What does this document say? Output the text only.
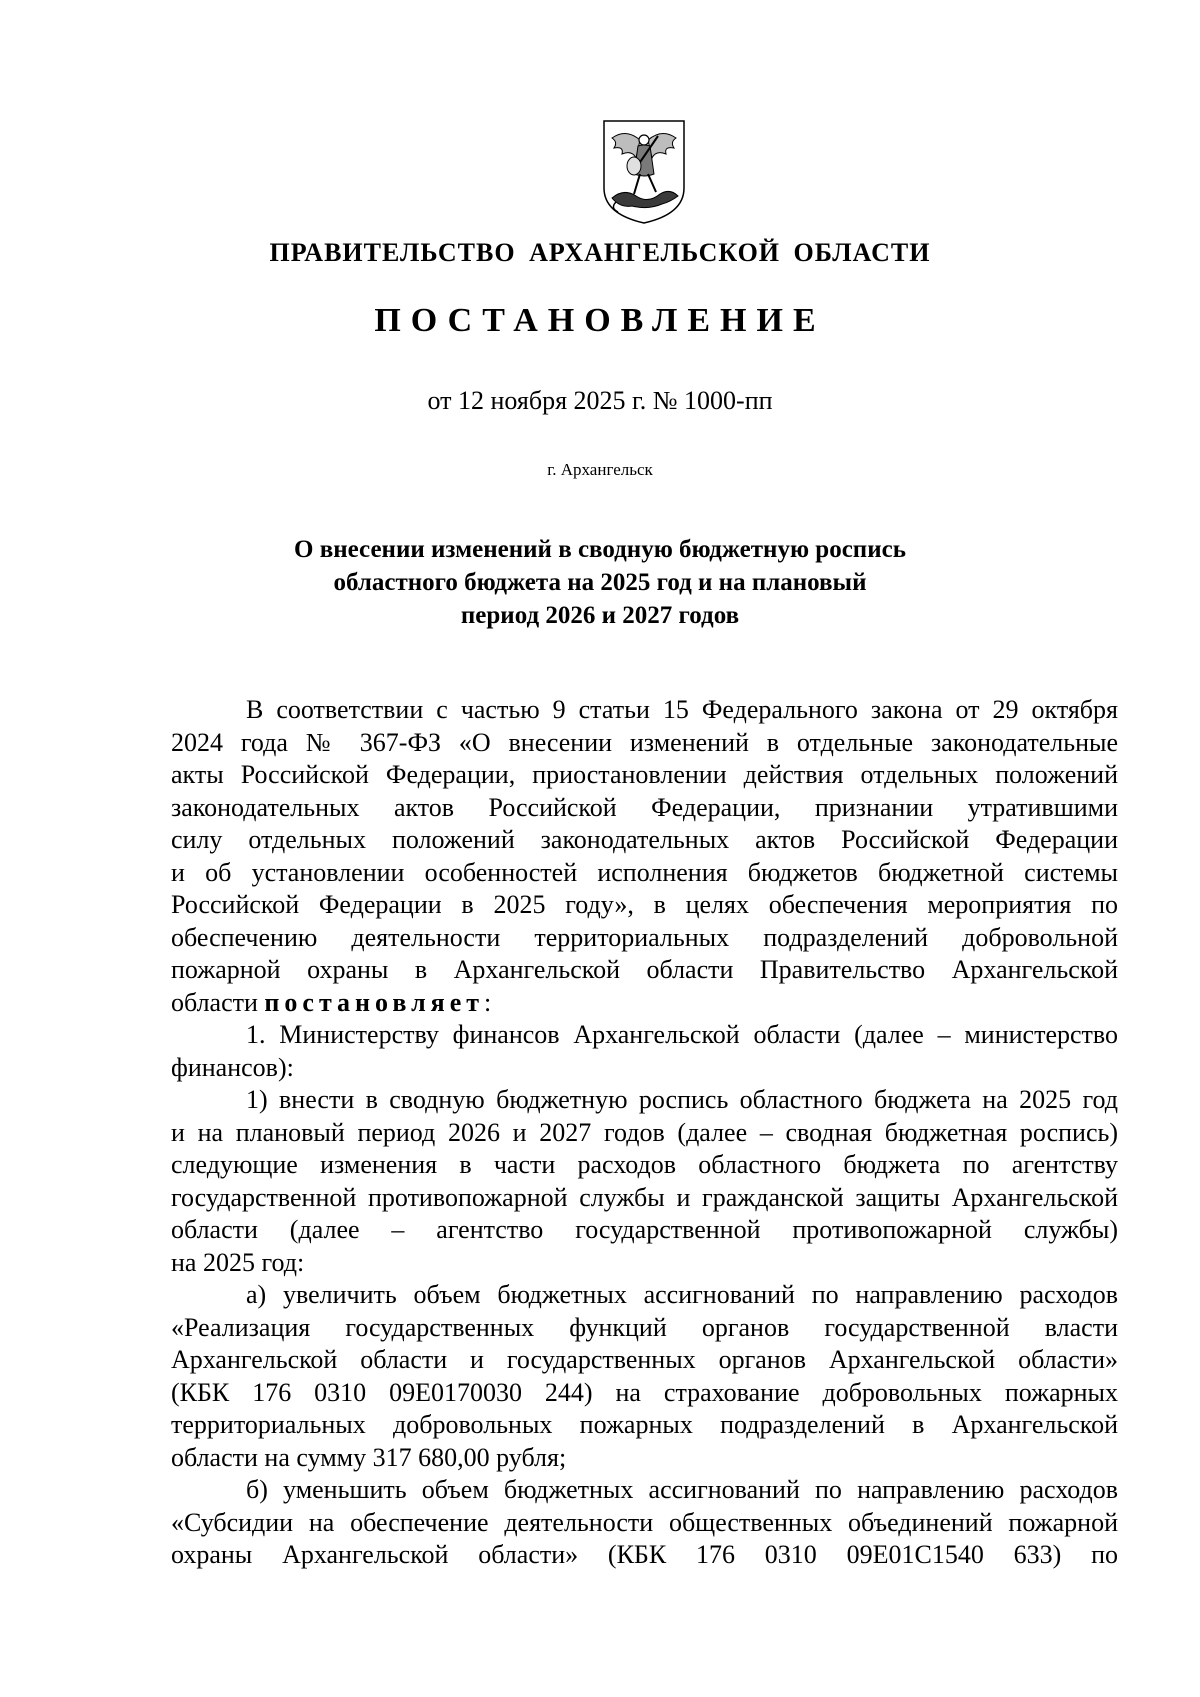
ПРАВИТЕЛЬСТВО АРХАНГЕЛЬСКОЙ ОБЛАСТИ
ПОСТАНОВЛЕНИЕ
от 12 ноября 2025 г. № 1000-пп
г. Архангельск
О внесении изменений в сводную бюджетную роспись
областного бюджета на 2025 год и на плановый
период 2026 и 2027 годов

В соответствии с частью 9 статьи 15 Федерального закона от 29 октября
2024 года № 367-ФЗ «О внесении изменений в отдельные законодательные
акты Российской Федерации, приостановлении действия отдельных положений
законодательных актов Российской Федерации, признании утратившими
силу отдельных положений законодательных актов Российской Федерации
и об установлении особенностей исполнения бюджетов бюджетной системы
Российской Федерации в 2025 году», в целях обеспечения мероприятия по
обеспечению деятельности территориальных подразделений добровольной
пожарной охраны в Архангельской области Правительство Архангельской
области постановляет:

1. Министерству финансов Архангельской области (далее – министерство
финансов):

1) внести в сводную бюджетную роспись областного бюджета на 2025 год
и на плановый период 2026 и 2027 годов (далее – сводная бюджетная роспись)
следующие изменения в части расходов областного бюджета по агентству
государственной противопожарной службы и гражданской защиты Архангельской
области (далее – агентство государственной противопожарной службы)
на 2025 год:

а) увеличить объем бюджетных ассигнований по направлению расходов
«Реализация государственных функций органов государственной власти
Архангельской области и государственных органов Архангельской области»
(КБК 176 0310 09Е0170030 244) на страхование добровольных пожарных
территориальных добровольных пожарных подразделений в Архангельской
области на сумму 317 680,00 рубля;

б) уменьшить объем бюджетных ассигнований по направлению расходов
«Субсидии на обеспечение деятельности общественных объединений пожарной
охраны Архангельской области» (КБК 176 0310 09Е01С1540 633) по
